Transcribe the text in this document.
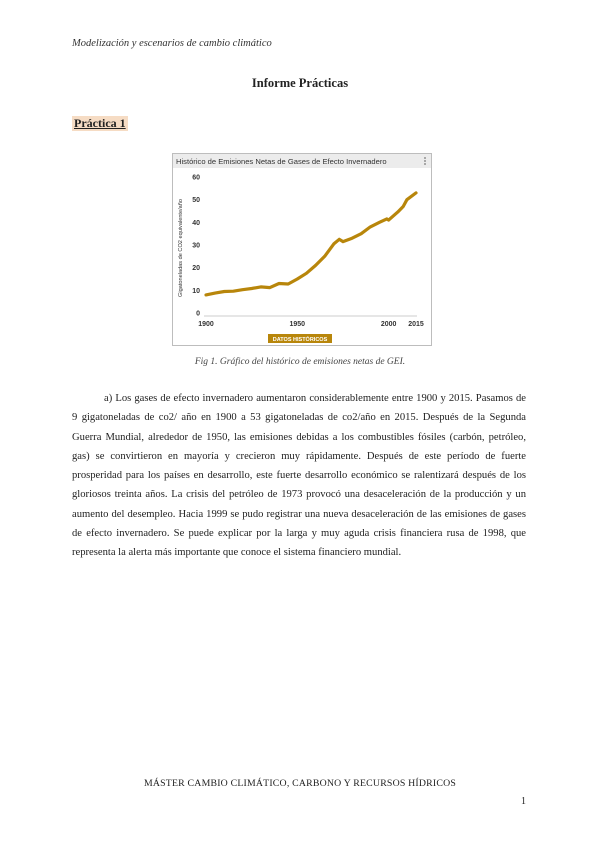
Modelización y escenarios de cambio climático
Informe Prácticas
Práctica 1
Histórico de Emisiones Netas de Gases de Efecto Invernadero
Gigatoneladas de CO2 equivalente/año
0
10
20
30
40
50
60
1900	1950	2000 2015
DATOS HISTÓRICOS
Fig 1. Gráfico del histórico de emisiones netas de GEI.

a) Los gases de efecto invernadero aumentaron considerablemente entre 1900 y 2015. Pasamos de 9 gigatoneladas de co2/ año en 1900 a 53 gigatoneladas de co2/año en 2015. Después de la Segunda Guerra Mundial, alrededor de 1950, las emisiones debidas a los combustibles fósiles (carbón, petróleo, gas) se convirtieron en mayoría y crecieron muy rápidamente. Después de este período de fuerte prosperidad para los países en desarrollo, este fuerte desarrollo económico se ralentizará después de los gloriosos treinta años. La crisis del petróleo de 1973 provocó una desaceleración de la producción y un aumento del desempleo. Hacia 1999 se pudo registrar una nueva desaceleración de las emisiones de gases de efecto invernadero. Se puede explicar por la larga y muy aguda crisis financiera rusa de 1998, que representa la alerta más importante que conoce el sistema financiero mundial.

MÁSTER CAMBIO CLIMÁTICO, CARBONO Y RECURSOS HÍDRICOS
1
